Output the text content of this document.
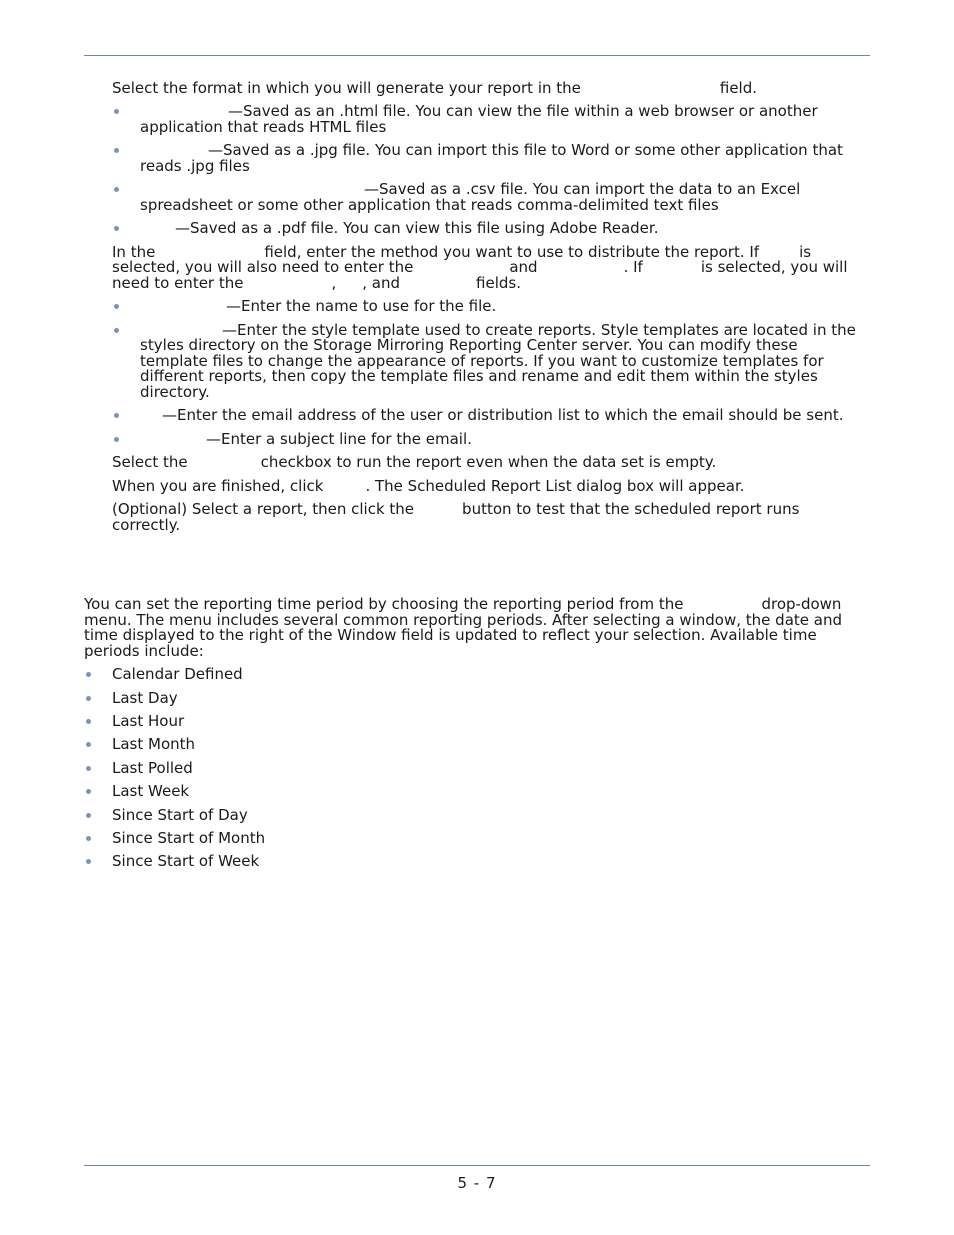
Select the format in which you will generate your report in the	field.
—Saved as an .html file. You can view the file within a web browser or another
application that reads HTML files
—Saved as a .jpg file. You can import this file to Word or some other application that
reads .jpg files
—Saved as a .csv file. You can import the data to an Excel
spreadsheet or some other application that reads comma-delimited text files
—Saved as a .pdf file. You can view this file using Adobe Reader.
In the	field, enter the method you want to use to distribute the report. If	is
selected, you will also need to enter the	and	. If	is selected, you will
need to enter the	, , and	fields.
—Enter the name to use for the file.
—Enter the style template used to create reports. Style templates are located in the
styles directory on the Storage Mirroring Reporting Center server. You can modify these
template files to change the appearance of reports. If you want to customize templates for
different reports, then copy the template files and rename and edit them within the styles
directory.
—Enter the email address of the user or distribution list to which the email should be sent.
—Enter a subject line for the email.
Select the	checkbox to run the report even when the data set is empty.
When you are finished, click	. The Scheduled Report List dialog box will appear.
(Optional) Select a report, then click the	button to test that the scheduled report runs
correctly.
You can set the reporting time period by choosing the reporting period from the	drop-down
menu. The menu includes several common reporting periods. After selecting a window, the date and
time displayed to the right of the Window field is updated to reflect your selection. Available time
periods include:
Calendar Defined
Last Day
Last Hour
Last Month
Last Polled
Last Week
Since Start of Day
Since Start of Month
Since Start of Week
5 - 7
